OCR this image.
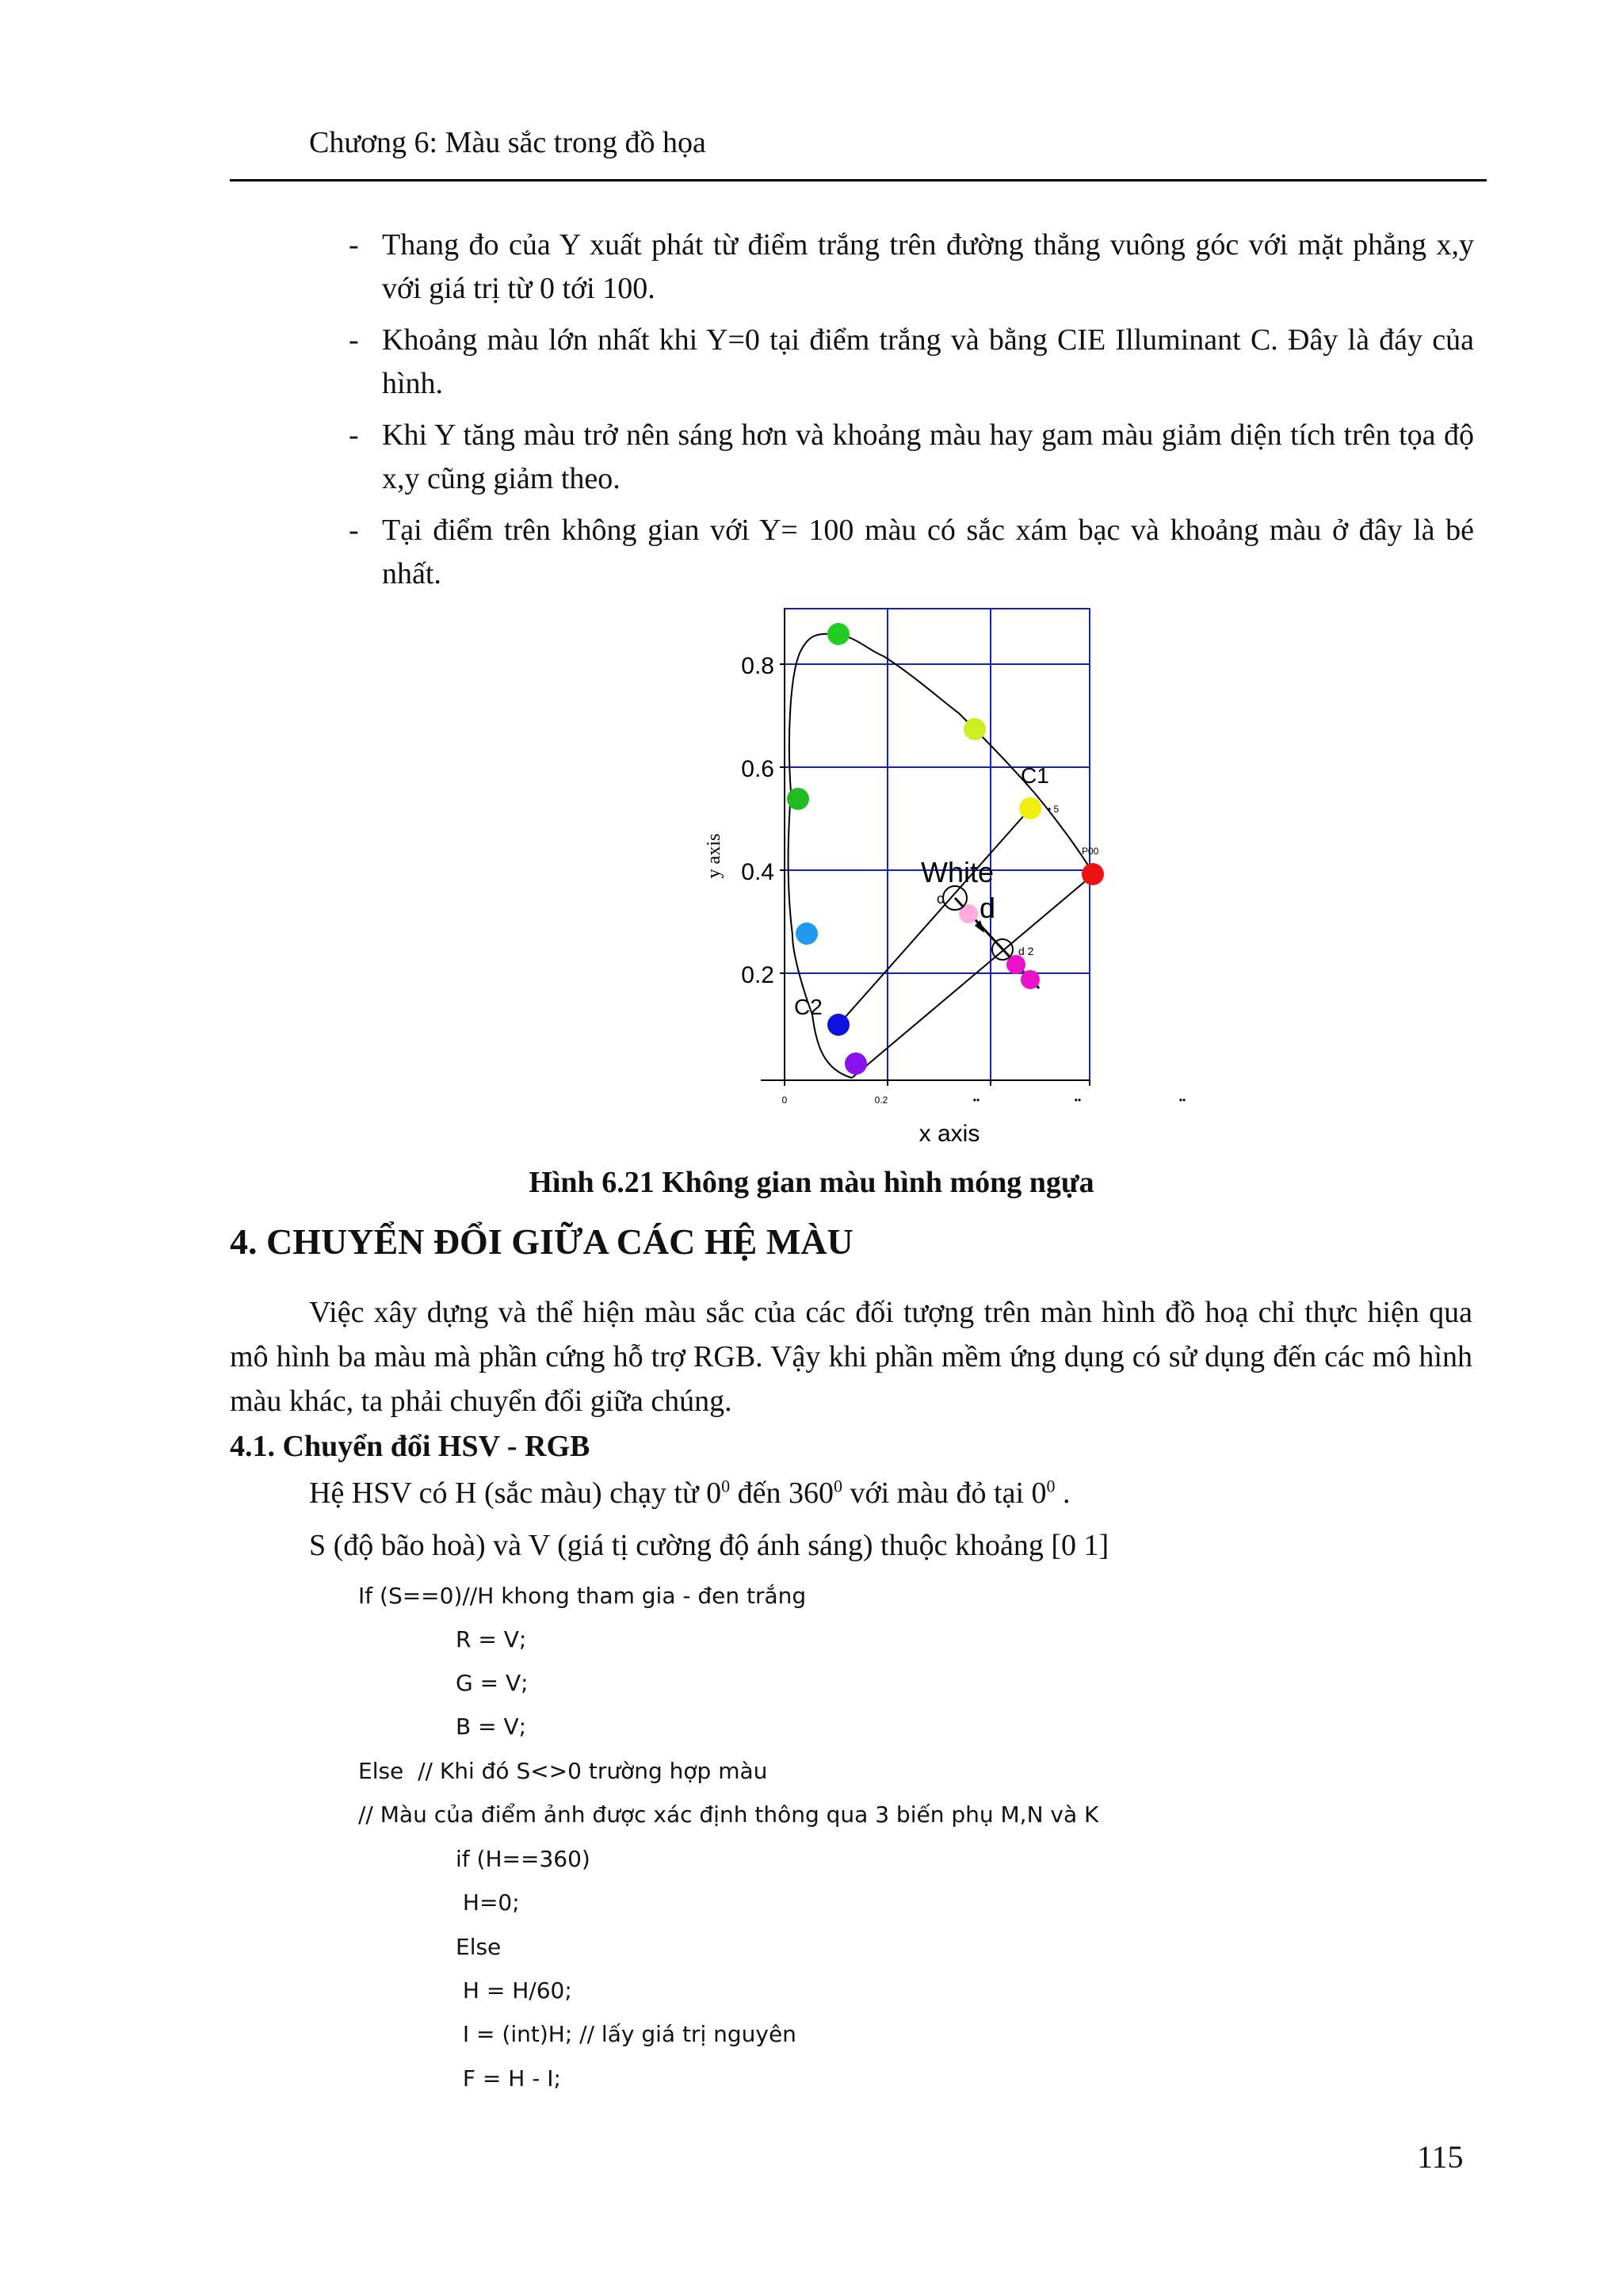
Chương 6: Màu sắc trong đồ họa
- Thang đo của Y xuất phát từ điểm trắng trên đường thẳng vuông góc với mặt phẳng x,y với giá trị từ 0 tới 100.
- Khoảng màu lớn nhất khi Y=0 tại điểm trắng và bằng CIE Illuminant C. Đây là đáy của hình.
- Khi Y tăng màu trở nên sáng hơn và khoảng màu hay gam màu giảm diện tích trên tọa độ x,y cũng giảm theo.
- Tại điểm trên không gian với Y= 100 màu có sắc xám bạc và khoảng màu ở đây là bé nhất.
0.2
0.4
0.6
0.8
0	0.2	••	••	••
y axis
x axis
White
c d
d 2
C1
• 5
C2
P00
Hình 6.21 Không gian màu hình móng ngựa
4. CHUYỂN ĐỔI GIỮA CÁC HỆ MÀU
Việc xây dựng và thể hiện màu sắc của các đối tượng trên màn hình đồ hoạ chỉ thực hiện qua mô hình ba màu mà phần cứng hỗ trợ RGB. Vậy khi phần mềm ứng dụng có sử dụng đến các mô hình màu khác, ta phải chuyển đổi giữa chúng.
4.1. Chuyển đổi HSV - RGB
Hệ HSV có H (sắc màu) chạy từ $0^0$ đến $360^0$ với màu đỏ tại $0^0$ .
S (độ bão hoà) và V (giá tị cường độ ánh sáng) thuộc khoảng [0 1]
If (S==0)//H khong tham gia - đen trắng
R = V;
G = V;
B = V;
Else  // Khi đó S<>0 trường hợp màu
// Màu của điểm ảnh được xác định thông qua 3 biến phụ M,N và K
if (H==360)
H=0;
Else
H = H/60;
I = (int)H; // lấy giá trị nguyên
F = H - I;
115
